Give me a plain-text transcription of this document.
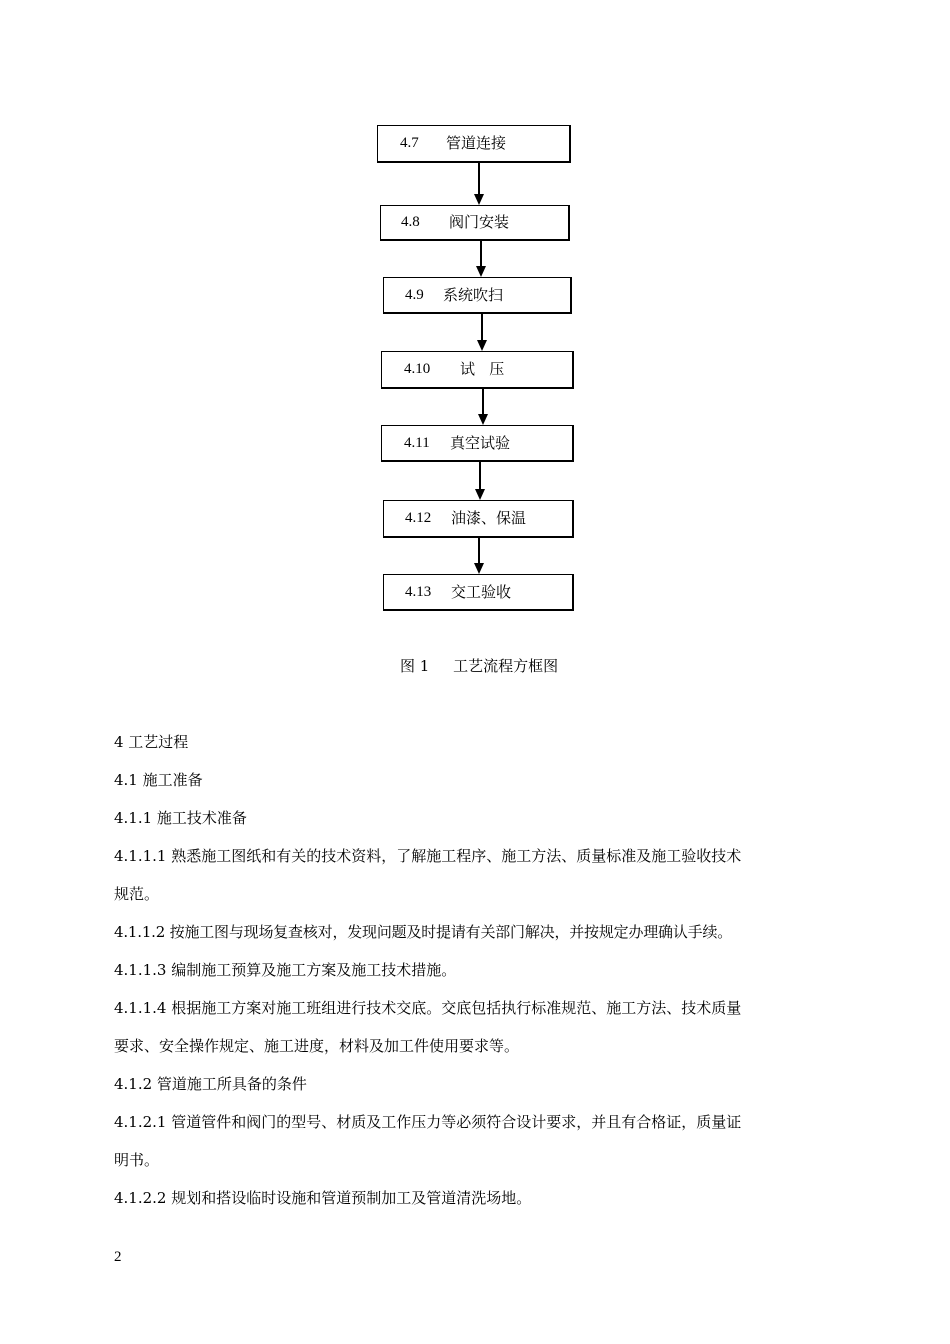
4.7	管道连接
4.8	阀门安装
4.9	系统吹扫
4.10	试   压
4.11	真空试验
4.12	油漆、保温
4.13	交工验收
图 1     工艺流程方框图
4 工艺过程
4.1 施工准备
4.1.1 施工技术准备
4.1.1.1 熟悉施工图纸和有关的技术资料，了解施工程序、施工方法、质量标准及施工验收技术
规范。
4.1.1.2 按施工图与现场复查核对，发现问题及时提请有关部门解决，并按规定办理确认手续。
4.1.1.3 编制施工预算及施工方案及施工技术措施。
4.1.1.4 根据施工方案对施工班组进行技术交底。交底包括执行标准规范、施工方法、技术质量
要求、安全操作规定、施工进度，材料及加工件使用要求等。
4.1.2 管道施工所具备的条件
4.1.2.1 管道管件和阀门的型号、材质及工作压力等必须符合设计要求，并且有合格证，质量证
明书。
4.1.2.2 规划和搭设临时设施和管道预制加工及管道清洗场地。
2
